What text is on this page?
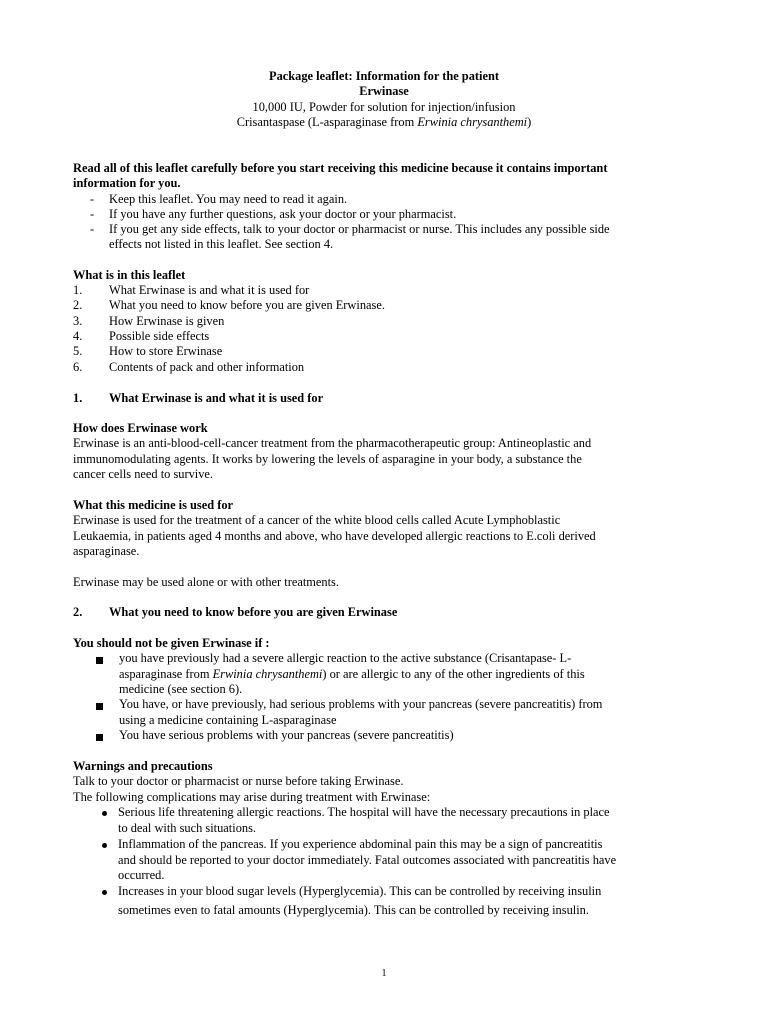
Package leaflet: Information for the patient
Erwinase
10,000 IU, Powder for solution for injection/infusion
Crisantaspase (L-asparaginase from Erwinia chrysanthemi)
Read all of this leaflet carefully before you start receiving this medicine because it contains important
information for you.
- Keep this leaflet. You may need to read it again.
- If you have any further questions, ask your doctor or your pharmacist.
- If you get any side effects, talk to your doctor or pharmacist or nurse. This includes any possible side
effects not listed in this leaflet. See section 4.
What is in this leaflet
1. What Erwinase is and what it is used for
2. What you need to know before you are given Erwinase.
3. How Erwinase is given
4. Possible side effects
5. How to store Erwinase
6. Contents of pack and other information
1. What Erwinase is and what it is used for
How does Erwinase work
Erwinase is an anti-blood-cell-cancer treatment from the pharmacotherapeutic group: Antineoplastic and
immunomodulating agents. It works by lowering the levels of asparagine in your body, a substance the
cancer cells need to survive.
What this medicine is used for
Erwinase is used for the treatment of a cancer of the white blood cells called Acute Lymphoblastic
Leukaemia, in patients aged 4 months and above, who have developed allergic reactions to E.coli derived
asparaginase.
Erwinase may be used alone or with other treatments.
2. What you need to know before you are given Erwinase
You should not be given Erwinase if :
you have previously had a severe allergic reaction to the active substance (Crisantapase- L-
asparaginase from Erwinia chrysanthemi) or are allergic to any of the other ingredients of this
medicine (see section 6).
You have, or have previously, had serious problems with your pancreas (severe pancreatitis) from
using a medicine containing L-asparaginase
You have serious problems with your pancreas (severe pancreatitis)
Warnings and precautions
Talk to your doctor or pharmacist or nurse before taking Erwinase.
The following complications may arise during treatment with Erwinase:
Serious life threatening allergic reactions. The hospital will have the necessary precautions in place
to deal with such situations.
Inflammation of the pancreas. If you experience abdominal pain this may be a sign of pancreatitis
and should be reported to your doctor immediately. Fatal outcomes associated with pancreatitis have
occurred.
Increases in your blood sugar levels (Hyperglycemia). This can be controlled by receiving insulin
sometimes even to fatal amounts (Hyperglycemia). This can be controlled by receiving insulin.
1
